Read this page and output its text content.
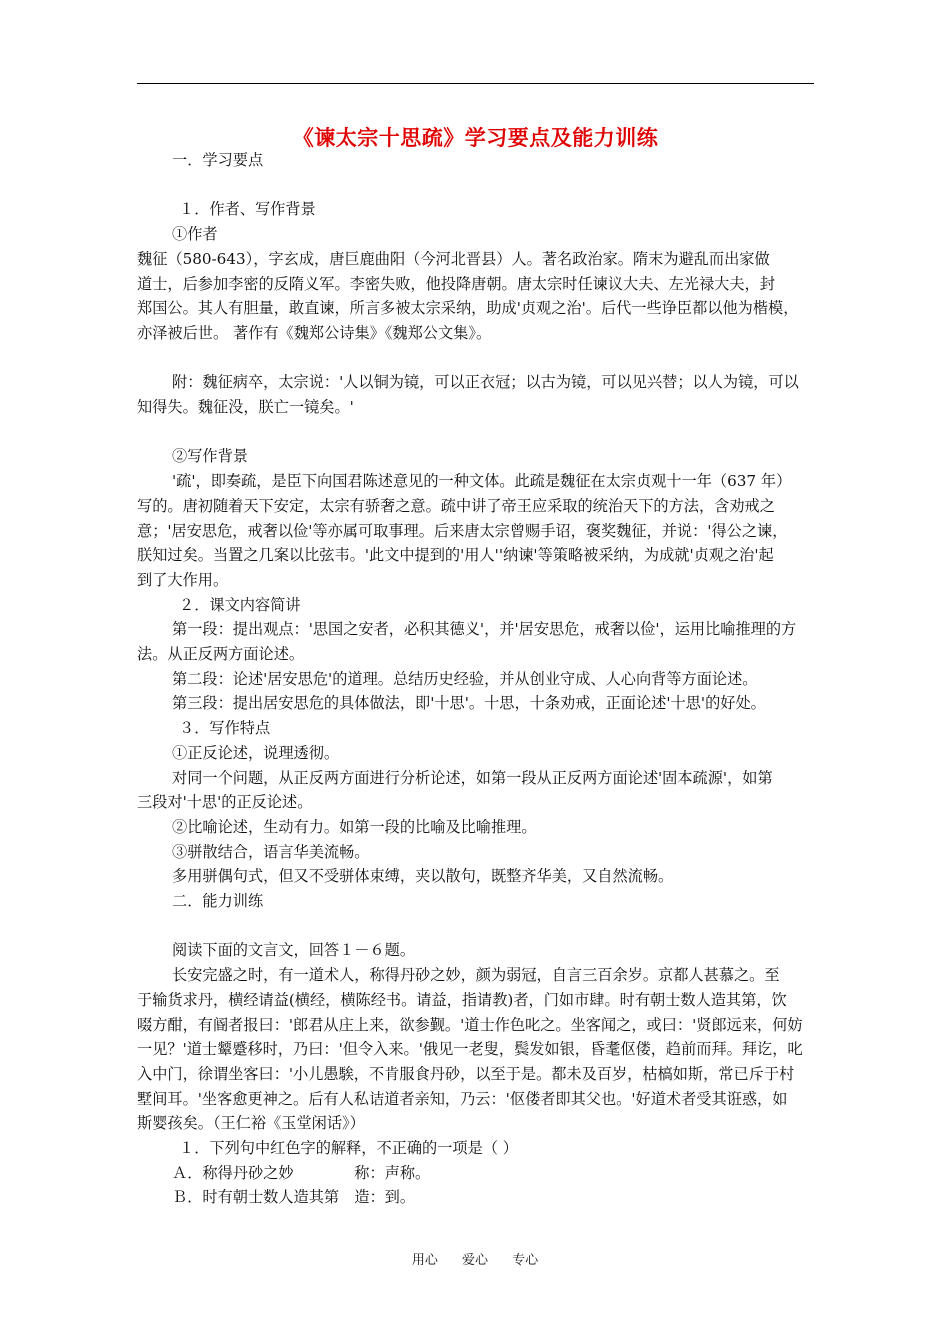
《谏太宗十思疏》学习要点及能力训练
一．学习要点
１．作者、写作背景
①作者
魏征（580-643），字玄成，唐巨鹿曲阳（今河北晋县）人。著名政治家。隋末为避乱而出家做
道士，后参加李密的反隋义军。李密失败，他投降唐朝。唐太宗时任谏议大夫、左光禄大夫，封
郑国公。其人有胆量，敢直谏，所言多被太宗采纳，助成'贞观之治'。后代一些诤臣都以他为楷模，
亦泽被后世。 著作有《魏郑公诗集》《魏郑公文集》。
附：魏征病卒，太宗说：'人以铜为镜，可以正衣冠；以古为镜，可以见兴替；以人为镜，可以
知得失。魏征没，朕亡一镜矣。'
②写作背景
'疏'，即奏疏，是臣下向国君陈述意见的一种文体。此疏是魏征在太宗贞观十一年（637 年）
写的。唐初随着天下安定，太宗有骄奢之意。疏中讲了帝王应采取的统治天下的方法，含劝戒之
意；'居安思危，戒奢以俭'等亦属可取事理。后来唐太宗曾赐手诏，褒奖魏征，并说：'得公之谏，
朕知过矣。当置之几案以比弦韦。'此文中提到的'用人''纳谏'等策略被采纳，为成就'贞观之治'起
到了大作用。
２．课文内容简讲
第一段：提出观点：'思国之安者，必积其德义'，并'居安思危，戒奢以俭'，运用比喻推理的方
法。从正反两方面论述。
第二段：论述'居安思危'的道理。总结历史经验，并从创业守成、人心向背等方面论述。
第三段：提出居安思危的具体做法，即'十思'。十思，十条劝戒，正面论述'十思'的好处。
３．写作特点
①正反论述，说理透彻。
对同一个问题，从正反两方面进行分析论述，如第一段从正反两方面论述'固本疏源'，如第
三段对'十思'的正反论述。
②比喻论述，生动有力。如第一段的比喻及比喻推理。
③骈散结合，语言华美流畅。
多用骈偶句式，但又不受骈体束缚，夹以散句，既整齐华美，又自然流畅。
二．能力训练
阅读下面的文言文，回答１－６题。
长安完盛之时，有一道术人，称得丹砂之妙，颜为弱冠，自言三百余岁。京都人甚慕之。至
于输货求丹，横经请益(横经，横陈经书。请益，指请教)者，门如市肆。时有朝士数人造其第，饮
啜方酣，有阍者报曰：'郎君从庄上来，欲参觐。'道士作色叱之。坐客闻之，或曰：'贤郎远来，何妨
一见？'道士颦蹙移时，乃曰：'但令入来。'俄见一老叟，鬓发如银，昏耄伛偻，趋前而拜。拜讫，叱
入中门，徐谓坐客曰：'小儿愚騃，不肯服食丹砂，以至于是。都未及百岁，枯槁如斯，常已斥于村
墅间耳。'坐客愈更神之。后有人私诘道者亲知，乃云：'伛偻者即其父也。'好道术者受其诳惑，如
斯婴孩矣。（王仁裕《玉堂闲话》）
１．下列句中红色字的解释，不正确的一项是（ ）
Ａ．称得丹砂之妙　　　　称：声称。
Ｂ．时有朝士数人造其第　造：到。
用心 爱心 专心
